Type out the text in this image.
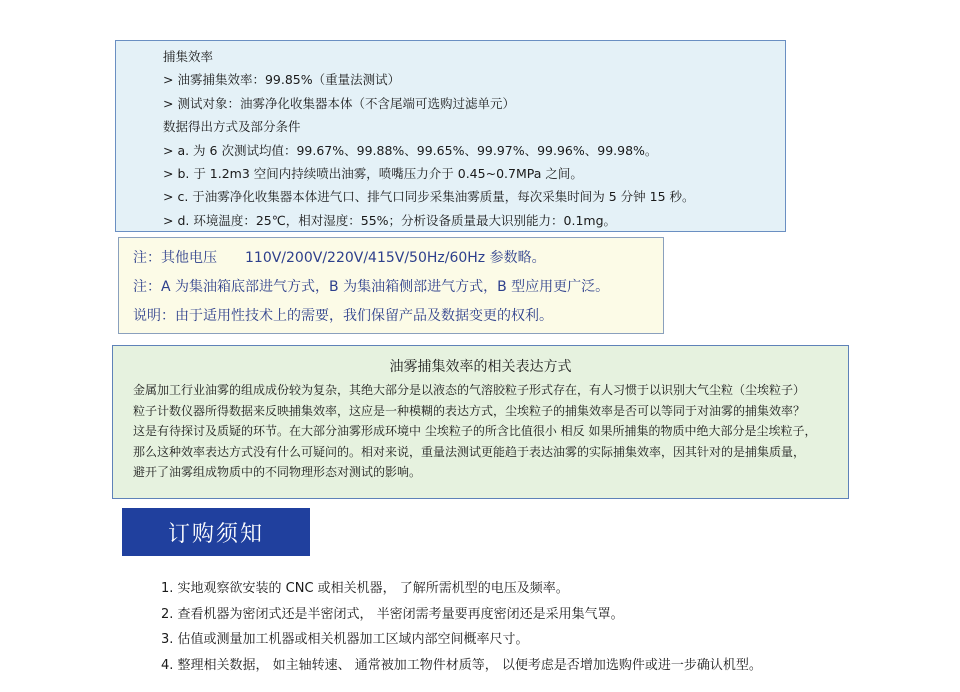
捕集效率
> 油雾捕集效率：99.85%（重量法测试）
> 测试对象：油雾净化收集器本体（不含尾端可选购过滤单元）
数据得出方式及部分条件
> a. 为 6 次测试均值：99.67%、99.88%、99.65%、99.97%、99.96%、99.98%。
> b. 于 1.2m3 空间内持续喷出油雾，喷嘴压力介于 0.45~0.7MPa 之间。
> c. 于油雾净化收集器本体进气口、排气口同步采集油雾质量，每次采集时间为 5 分钟 15 秒。
> d. 环境温度：25℃，相对湿度：55%；分析设备质量最大识别能力：0.1mg。
注：其他电压　　110V/200V/220V/415V/50Hz/60Hz 参数略。
注：A 为集油箱底部进气方式，B 为集油箱侧部进气方式，B 型应用更广泛。
说明：由于适用性技术上的需要，我们保留产品及数据变更的权利。
油雾捕集效率的相关表达方式
金属加工行业油雾的组成成份较为复杂，其绝大部分是以液态的气溶胶粒子形式存在，有人习惯于以识别大气尘粒（尘埃粒子）
粒子计数仪器所得数据来反映捕集效率，这应是一种模糊的表达方式，尘埃粒子的捕集效率是否可以等同于对油雾的捕集效率？
这是有待探讨及质疑的环节。在大部分油雾形成环境中 尘埃粒子的所含比值很小 相反 如果所捕集的物质中绝大部分是尘埃粒子，
那么这种效率表达方式没有什么可疑问的。相对来说，重量法测试更能趋于表达油雾的实际捕集效率，因其针对的是捕集质量，
避开了油雾组成物质中的不同物理形态对测试的影响。
订购须知
1. 实地观察欲安装的 CNC 或相关机器， 了解所需机型的电压及频率。
2. 查看机器为密闭式还是半密闭式， 半密闭需考量要再度密闭还是采用集气罩。
3. 估值或测量加工机器或相关机器加工区域内部空间概率尺寸。
4. 整理相关数据， 如主轴转速、 通常被加工物件材质等， 以便考虑是否增加选购件或进一步确认机型。
